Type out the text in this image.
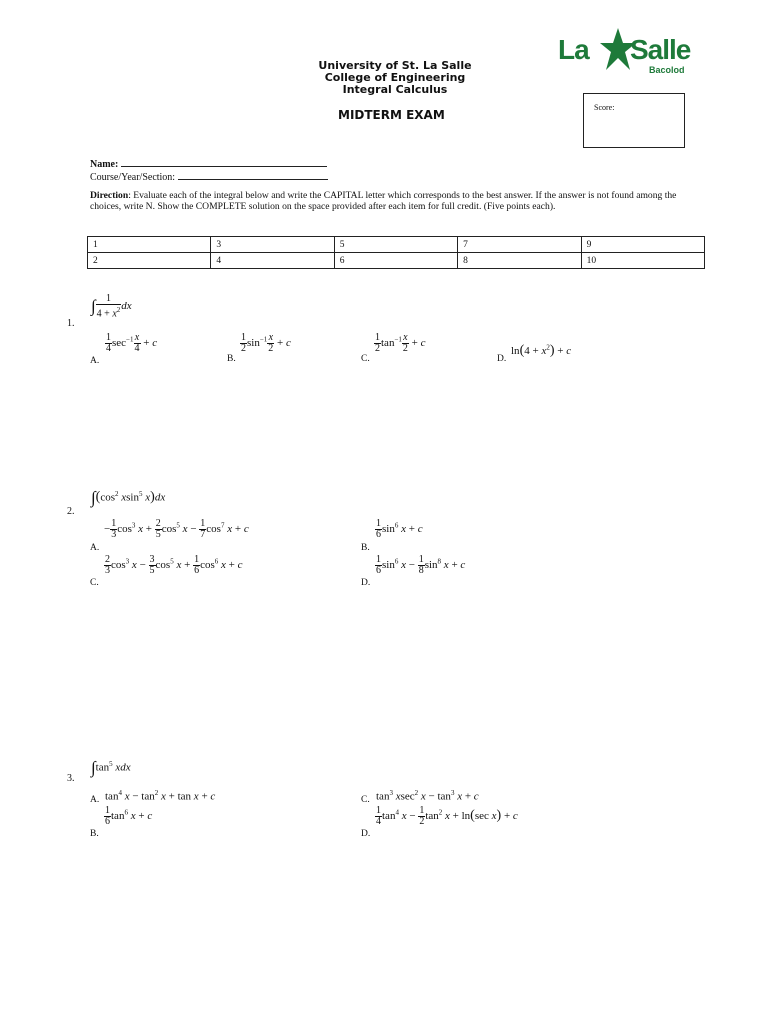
University of St. La Salle
College of Engineering
Integral Calculus
La Salle
Bacolod
MIDTERM EXAM
Score:
Name:
Course/Year/Section:
Direction: Evaluate each of the integral below and write the CAPITAL letter which corresponds to the best answer. If the answer is not found among the choices, write N. Show the COMPLETE solution on the space provided after each item for full credit. (Five points each).
1	3	5	7	9
2	4	6	8	10
1.
∫ $\frac{1}{4 + x^2}$ dx
A.
$\frac{1}{4} \sec^{-1} \frac{x}{4} + c$
B.
$\frac{1}{2} \sin^{-1} \frac{x}{2} + c$
C.
$\frac{1}{2} \tan^{-1} \frac{x}{2} + c$
D.
$\ln(4 + x^2) + c$
2.
$\int(\cos^2$ xsin$^5$ x)dx
A.
− $\frac{1}{3} \cos^3 x + \frac{2}{5} \cos^5 x - \frac{1}{7} \cos^7 x + c$
B.
$\frac{1}{6} \sin^6 x + c$
C.
$\frac{2}{3} \cos^3 x - \frac{3}{5} \cos^5 x + \frac{1}{6} \cos^6 x + c$
D.
$\frac{1}{6} \sin^6 x - \frac{1}{8} \sin^8 x + c$
3.
$\int\tan^5$ xdx
A. $\tan^4 x - \tan^2 x + \tan x + c$	C. $\tan^3 xsec^2$ $x - \tan^3 x + c$
B.
$\frac{1}{6} \tan^6 x + c$
D.
$\frac{1}{4} \tan^4 x - \frac{1}{2} \tan^2 x + \ln(\sec$ x) + c
